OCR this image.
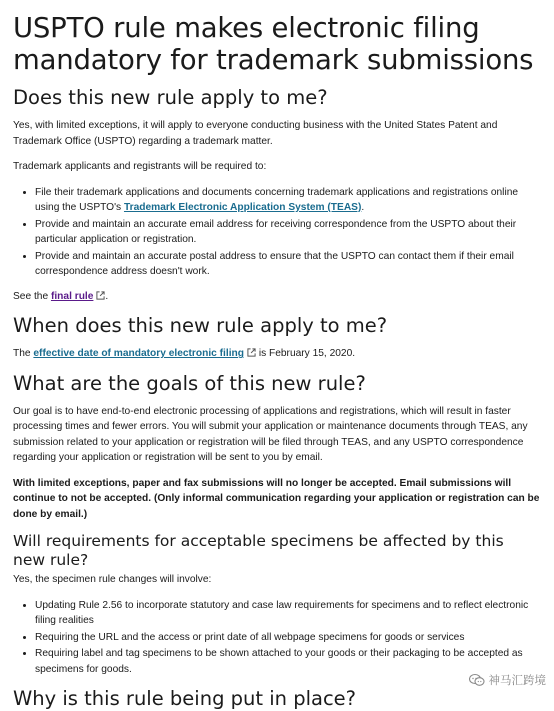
USPTO rule makes electronic filing mandatory for trademark submissions
Does this new rule apply to me?

Yes, with limited exceptions, it will apply to everyone conducting business with the United States Patent and Trademark Office (USPTO) regarding a trademark matter.

Trademark applicants and registrants will be required to:

• File their trademark applications and documents concerning trademark applications and registrations online using the USPTO's Trademark Electronic Application System (TEAS).
• Provide and maintain an accurate email address for receiving correspondence from the USPTO about their particular application or registration.
• Provide and maintain an accurate postal address to ensure that the USPTO can contact them if their email correspondence address doesn't work.

See the final rule .

When does this new rule apply to me?

The effective date of mandatory electronic filing is February 15, 2020.

What are the goals of this new rule?

Our goal is to have end-to-end electronic processing of applications and registrations, which will result in faster processing times and fewer errors. You will submit your application or maintenance documents through TEAS, any submission related to your application or registration will be filed through TEAS, and any USPTO correspondence regarding your application or registration will be sent to you by email.

With limited exceptions, paper and fax submissions will no longer be accepted. Email submissions will continue to not be accepted. (Only informal communication regarding your application or registration can be done by email.)

Will requirements for acceptable specimens be affected by this new rule?

Yes, the specimen rule changes will involve:

• Updating Rule 2.56 to incorporate statutory and case law requirements for specimens and to reflect electronic filing realities
• Requiring the URL and the access or print date of all webpage specimens for goods or services
• Requiring label and tag specimens to be shown attached to your goods or their packaging to be accepted as specimens for goods.
Why is this rule being put in place?
神马汇跨境
